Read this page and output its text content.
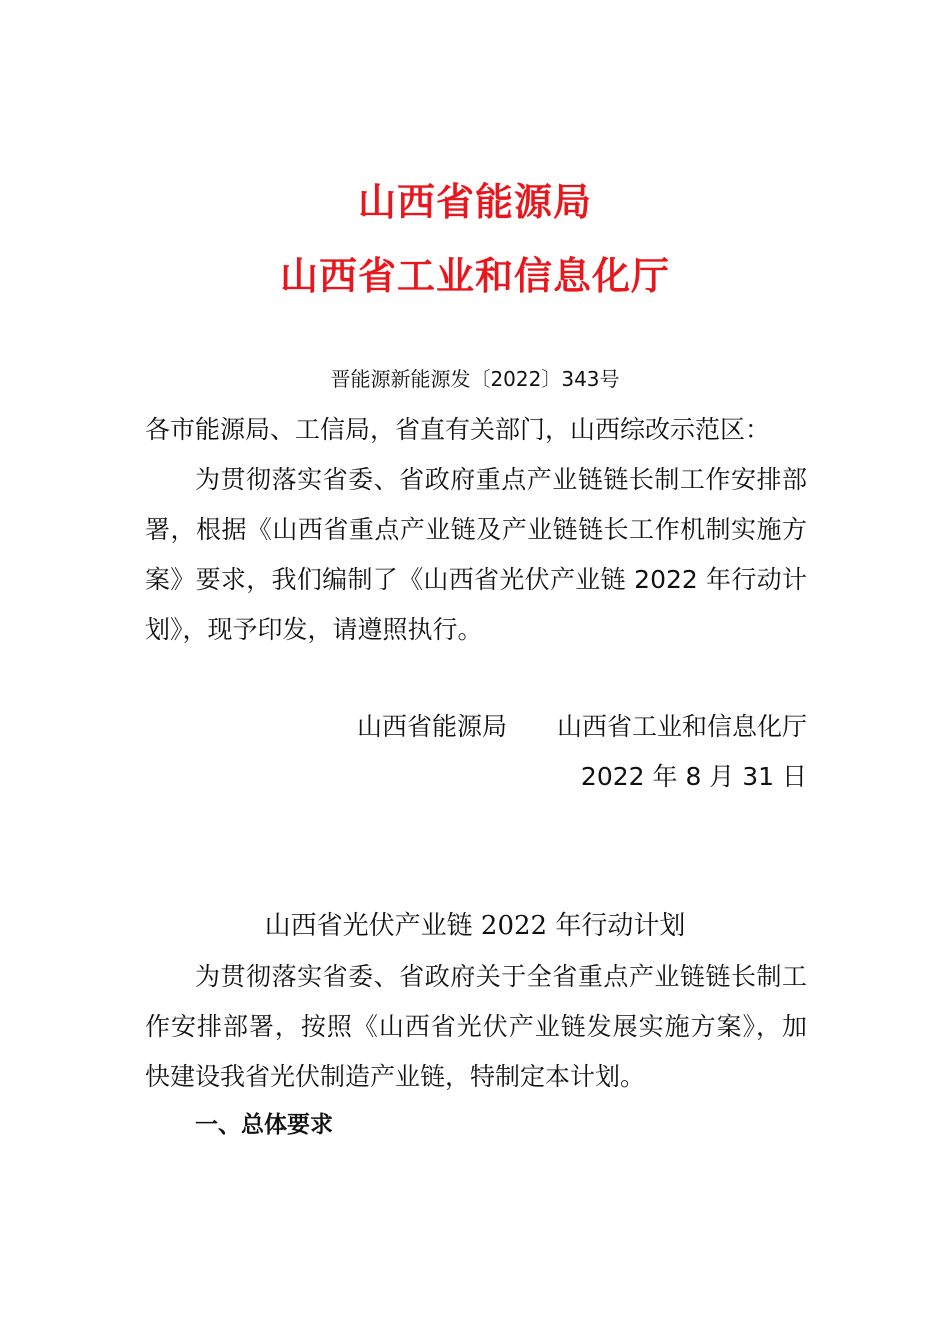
山西省能源局
山西省工业和信息化厅
晋能源新能源发〔2022〕343号
各市能源局、工信局，省直有关部门，山西综改示范区：
为贯彻落实省委、省政府重点产业链链长制工作安排部署，根据《山西省重点产业链及产业链链长工作机制实施方案》要求，我们编制了《山西省光伏产业链 2022 年行动计划》，现予印发，请遵照执行。
山西省能源局　　山西省工业和信息化厅
2022 年 8 月 31 日
山西省光伏产业链 2022 年行动计划
为贯彻落实省委、省政府关于全省重点产业链链长制工作安排部署，按照《山西省光伏产业链发展实施方案》，加快建设我省光伏制造产业链，特制定本计划。
一、总体要求
